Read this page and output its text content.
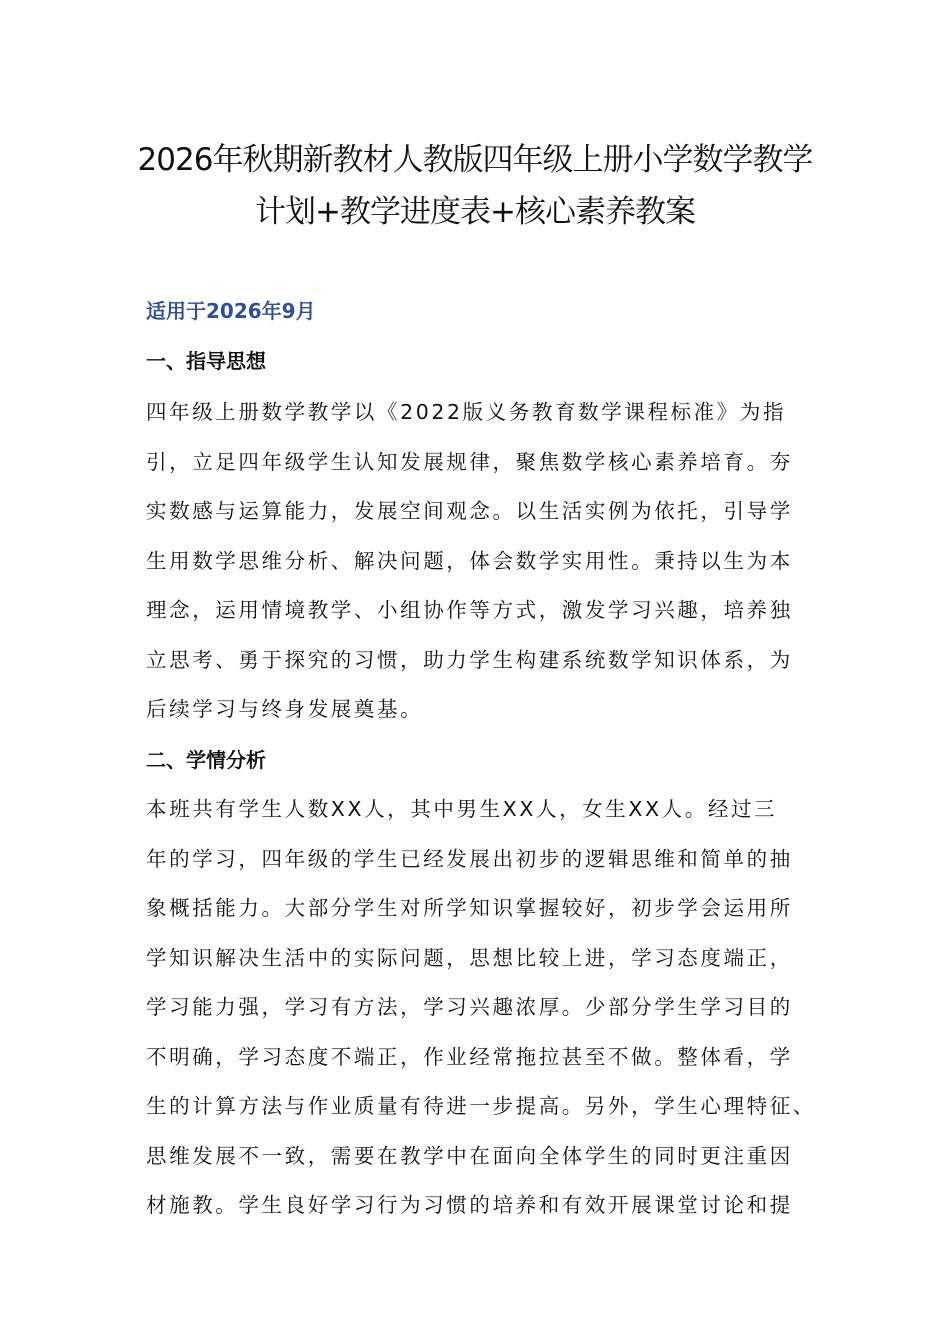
2026年秋期新教材人教版四年级上册小学数学教学
计划+教学进度表+核心素养教案
适用于2026年9月
一、指导思想
四年级上册数学教学以《2022版义务教育数学课程标准》为指
引，立足四年级学生认知发展规律，聚焦数学核心素养培育。夯
实数感与运算能力，发展空间观念。以生活实例为依托，引导学
生用数学思维分析、解决问题，体会数学实用性。秉持以生为本
理念，运用情境教学、小组协作等方式，激发学习兴趣，培养独
立思考、勇于探究的习惯，助力学生构建系统数学知识体系，为
后续学习与终身发展奠基。
二、学情分析
本班共有学生人数XX人，其中男生XX人，女生XX人。经过三
年的学习，四年级的学生已经发展出初步的逻辑思维和简单的抽
象概括能力。大部分学生对所学知识掌握较好，初步学会运用所
学知识解决生活中的实际问题，思想比较上进，学习态度端正，
学习能力强，学习有方法，学习兴趣浓厚。少部分学生学习目的
不明确，学习态度不端正，作业经常拖拉甚至不做。整体看，学
生的计算方法与作业质量有待进一步提高。另外，学生心理特征、
思维发展不一致，需要在教学中在面向全体学生的同时更注重因
材施教。学生良好学习行为习惯的培养和有效开展课堂讨论和提
